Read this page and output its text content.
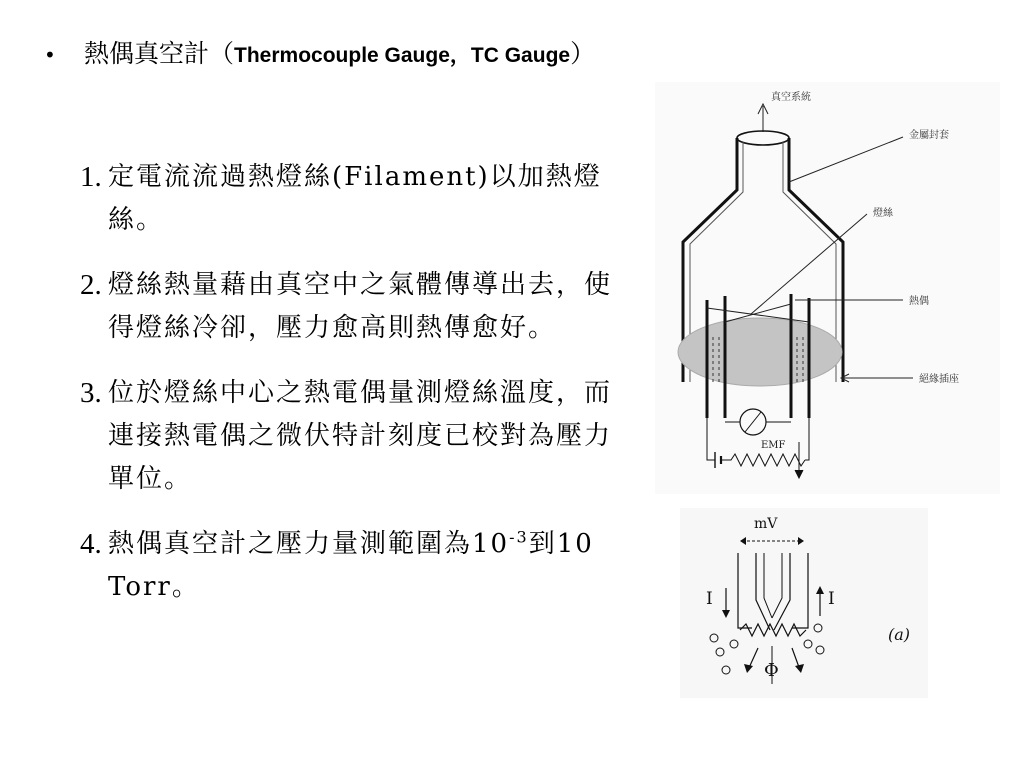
•	熱偶真空計 （ Thermocouple Gauge，TC Gauge ）
1. 定電流流過熱燈絲(Filament)以加熱燈絲。
2. 燈絲熱量藉由真空中之氣體傳導出去，使得燈絲冷卻，壓力愈高則熱傳愈好。
3. 位於燈絲中心之熱電偶量測燈絲溫度，而連接熱電偶之微伏特計刻度已校對為壓力單位。
4. 熱偶真空計之壓力量測範圍為$10^{-3}$到10 Torr。
真空系統
金屬封套
燈絲
熱偶
絕緣插座
EMF
mV
I	I
Φ
(a)
